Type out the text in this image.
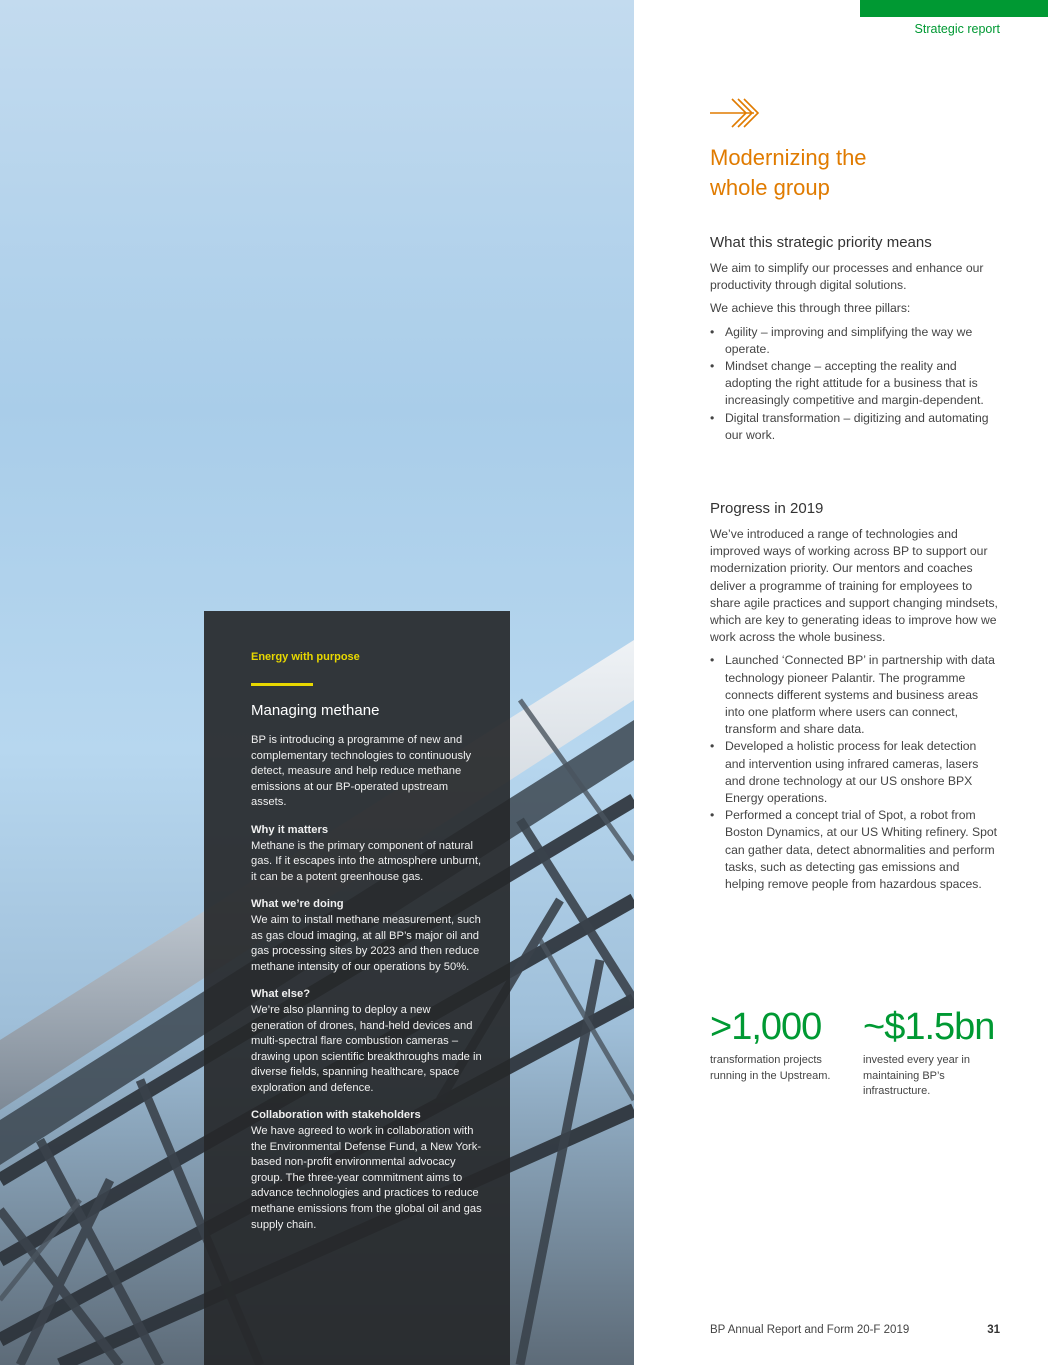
Energy with purpose
Managing methane

BP is introducing a programme of new and complementary technologies to continuously detect, measure and help reduce methane emissions at our BP-operated upstream assets.

Why it matters
Methane is the primary component of natural gas. If it escapes into the atmosphere unburnt, it can be a potent greenhouse gas.

What we’re doing
We aim to install methane measurement, such as gas cloud imaging, at all BP’s major oil and gas processing sites by 2023 and then reduce methane intensity of our operations by 50%.

What else?
We’re also planning to deploy a new generation of drones, hand-held devices and multi-spectral flare combustion cameras – drawing upon scientific breakthroughs made in diverse fields, spanning healthcare, space exploration and defence.

Collaboration with stakeholders
We have agreed to work in collaboration with the Environmental Defense Fund, a New York-based non-profit environmental advocacy group. The three-year commitment aims to advance technologies and practices to reduce methane emissions from the global oil and gas supply chain.

Strategic report
Modernizing the
whole group
What this strategic priority means

We aim to simplify our processes and enhance our productivity through digital solutions.

We achieve this through three pillars:

• Agility – improving and simplifying the way we operate.
• Mindset change – accepting the reality and adopting the right attitude for a business that is increasingly competitive and margin-dependent.
• Digital transformation – digitizing and automating our work.
Progress in 2019

We’ve introduced a range of technologies and improved ways of working across BP to support our modernization priority. Our mentors and coaches deliver a programme of training for employees to share agile practices and support changing mindsets, which are key to generating ideas to improve how we work across the whole business.

• Launched ‘Connected BP’ in partnership with data technology pioneer Palantir. The programme connects different systems and business areas into one platform where users can connect, transform and share data.
• Developed a holistic process for leak detection and intervention using infrared cameras, lasers and drone technology at our US onshore BPX Energy operations.
• Performed a concept trial of Spot, a robot from Boston Dynamics, at our US Whiting refinery. Spot can gather data, detect abnormalities and perform tasks, such as detecting gas emissions and helping remove people from hazardous spaces.
>1,000
transformation projects running in the Upstream.
~$1.5bn
invested every year in maintaining BP’s infrastructure.
BP Annual Report and Form 20-F 2019	31
